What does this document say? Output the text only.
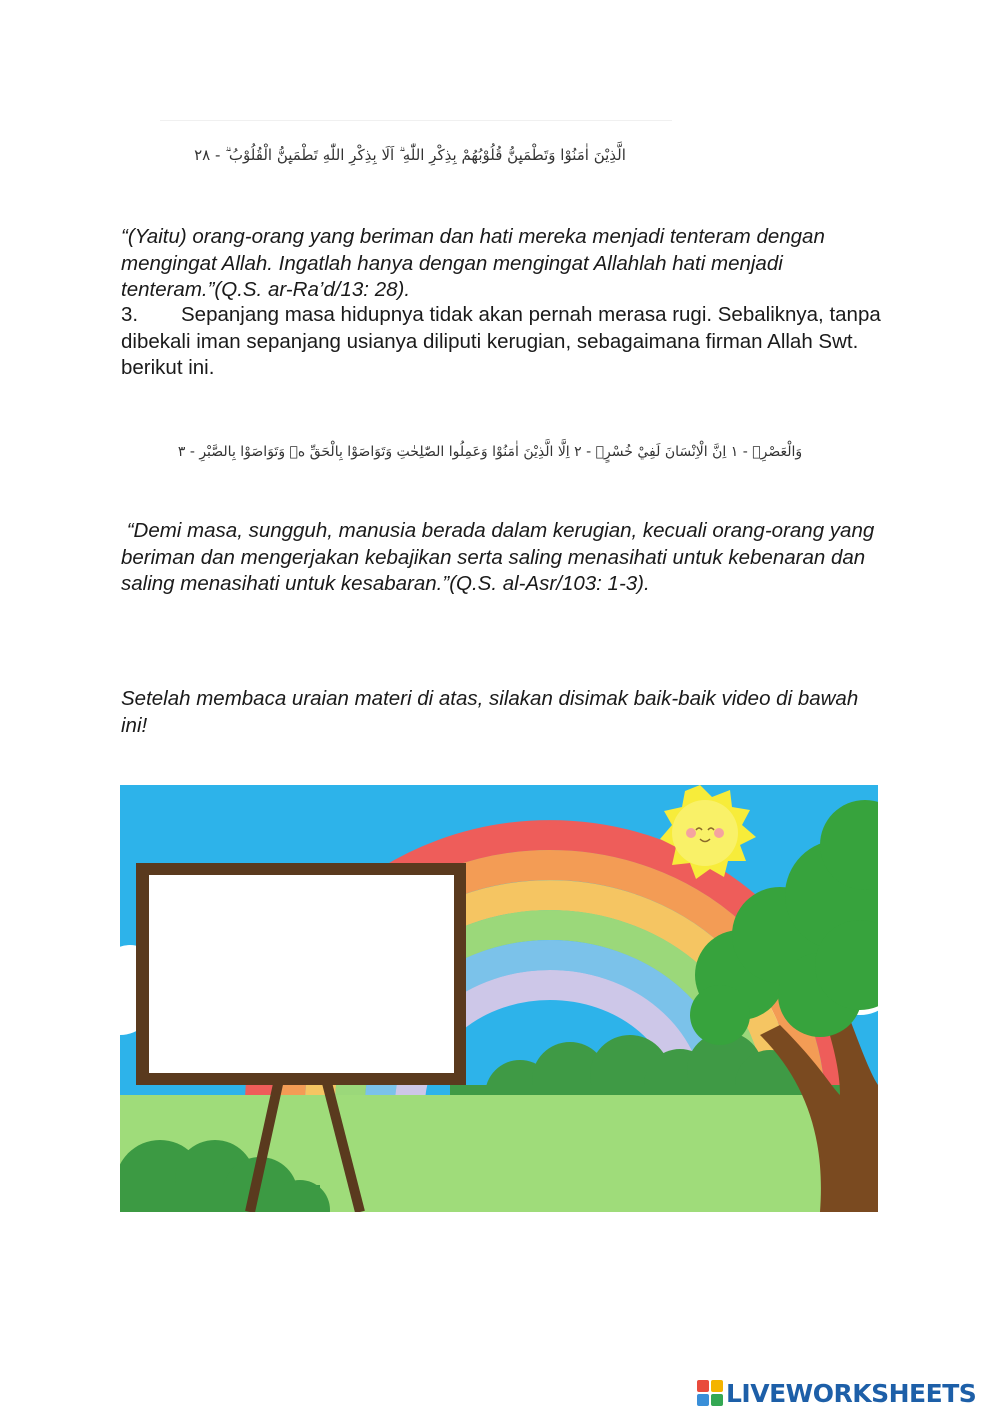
الَّذِيْنَ اٰمَنُوْا وَتَطْمَىِٕنُّ قُلُوْبُهُمْ بِذِكْرِ اللّٰهِ ۗ اَلَا بِذِكْرِ اللّٰهِ تَطْمَىِٕنُّ الْقُلُوْبُ ۗ - ٢٨

“(Yaitu) orang-orang yang beriman dan hati mereka menjadi tenteram dengan mengingat Allah. Ingatlah hanya dengan mengingat Allahlah hati menjadi tenteram.”(Q.S. ar-Ra’d/13: 28).

3. Sepanjang masa hidupnya tidak akan pernah merasa rugi. Sebaliknya, tanpa dibekali iman sepanjang usianya diliputi kerugian, sebagaimana firman Allah Swt. berikut ini.

وَالْعَصْرِۙ - ١ اِنَّ الْاِنْسَانَ لَفِيْ خُسْرٍۙ - ٢ اِلَّا الَّذِيْنَ اٰمَنُوْا وَعَمِلُوا الصّٰلِحٰتِ وَتَوَاصَوْا بِالْحَقِّ ەۙ وَتَوَاصَوْا بِالصَّبْرِ - ٣

“Demi masa, sungguh, manusia berada dalam kerugian, kecuali orang-orang yang beriman dan mengerjakan kebajikan serta saling menasihati untuk kebenaran dan saling menasihati untuk kesabaran.”(Q.S. al-Asr/103: 1-3).

Setelah membaca uraian materi di atas, silakan disimak baik-baik video di bawah ini!

LIVEWORKSHEETS
